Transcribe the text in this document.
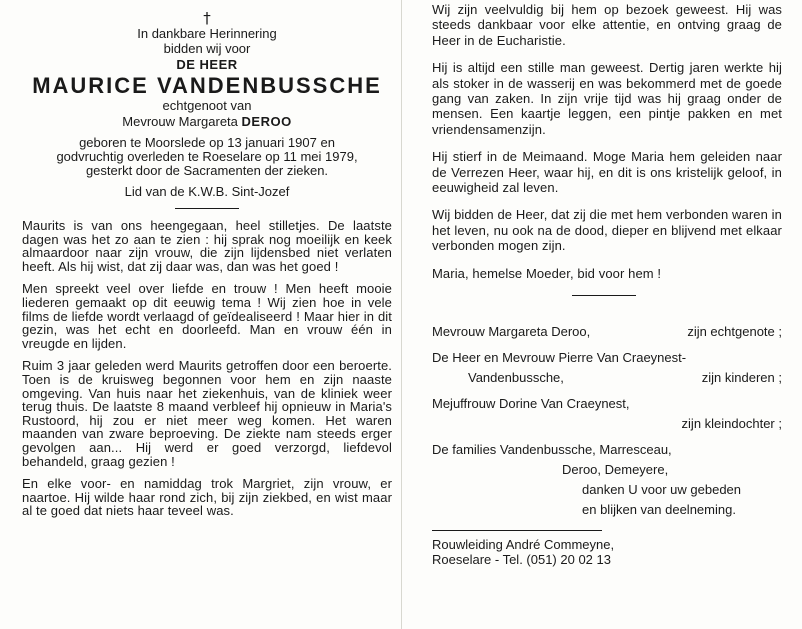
†
In dankbare Herinnering
bidden wij voor
DE HEER
MAURICE VANDENBUSSCHE
echtgenoot van
Mevrouw Margareta DEROO
geboren te Moorslede op 13 januari 1907 en
godvruchtig overleden te Roeselare op 11 mei 1979,
gesterkt door de Sacramenten der zieken.
Lid van de K.W.B. Sint-Jozef

Maurits is van ons heengegaan, heel stilletjes. De laatste dagen was het zo aan te zien : hij sprak nog moeilijk en keek almaardoor naar zijn vrouw, die zijn lijdensbed niet verlaten heeft. Als hij wist, dat zij daar was, dan was het goed !

Men spreekt veel over liefde en trouw ! Men heeft mooie liederen gemaakt op dit eeuwig tema ! Wij zien hoe in vele films de liefde wordt verlaagd of geïdealiseerd ! Maar hier in dit gezin, was het echt en doorleefd. Man en vrouw één in vreugde en lijden.

Ruim 3 jaar geleden werd Maurits getroffen door een beroerte. Toen is de kruisweg begonnen voor hem en zijn naaste omgeving. Van huis naar het ziekenhuis, van de kliniek weer terug thuis. De laatste 8 maand verbleef hij opnieuw in Maria's Rustoord, hij zou er niet meer weg komen. Het waren maanden van zware beproeving. De ziekte nam steeds erger gevolgen aan... Hij werd er goed verzorgd, liefdevol behandeld, graag gezien !

En elke voor- en namiddag trok Margriet, zijn vrouw, er naartoe. Hij wilde haar rond zich, bij zijn ziekbed, en wist maar al te goed dat niets haar teveel was.

Wij zijn veelvuldig bij hem op bezoek geweest. Hij was steeds dankbaar voor elke attentie, en ontving graag de Heer in de Eucharistie.

Hij is altijd een stille man geweest. Dertig jaren werkte hij als stoker in de wasserij en was bekommerd met de goede gang van zaken. In zijn vrije tijd was hij graag onder de mensen. Een kaartje leggen, een pintje pakken en met vriendensamenzijn.

Hij stierf in de Meimaand. Moge Maria hem geleiden naar de Verrezen Heer, waar hij, en dit is ons kristelijk geloof, in eeuwigheid zal leven.

Wij bidden de Heer, dat zij die met hem verbonden waren in het leven, nu ook na de dood, dieper en blijvend met elkaar verbonden mogen zijn.

Maria, hemelse Moeder, bid voor hem !

Mevrouw Margareta Deroo,	zijn echtgenote ;
De Heer en Mevrouw Pierre Van Craeynest-
Vandenbussche,	zijn kinderen ;
Mejuffrouw Dorine Van Craeynest,
zijn kleindochter ;
De families Vandenbussche, Marresceau,
Deroo, Demeyere,
danken U voor uw gebeden
en blijken van deelneming.
Rouwleiding André Commeyne,
Roeselare - Tel. (051) 20 02 13
